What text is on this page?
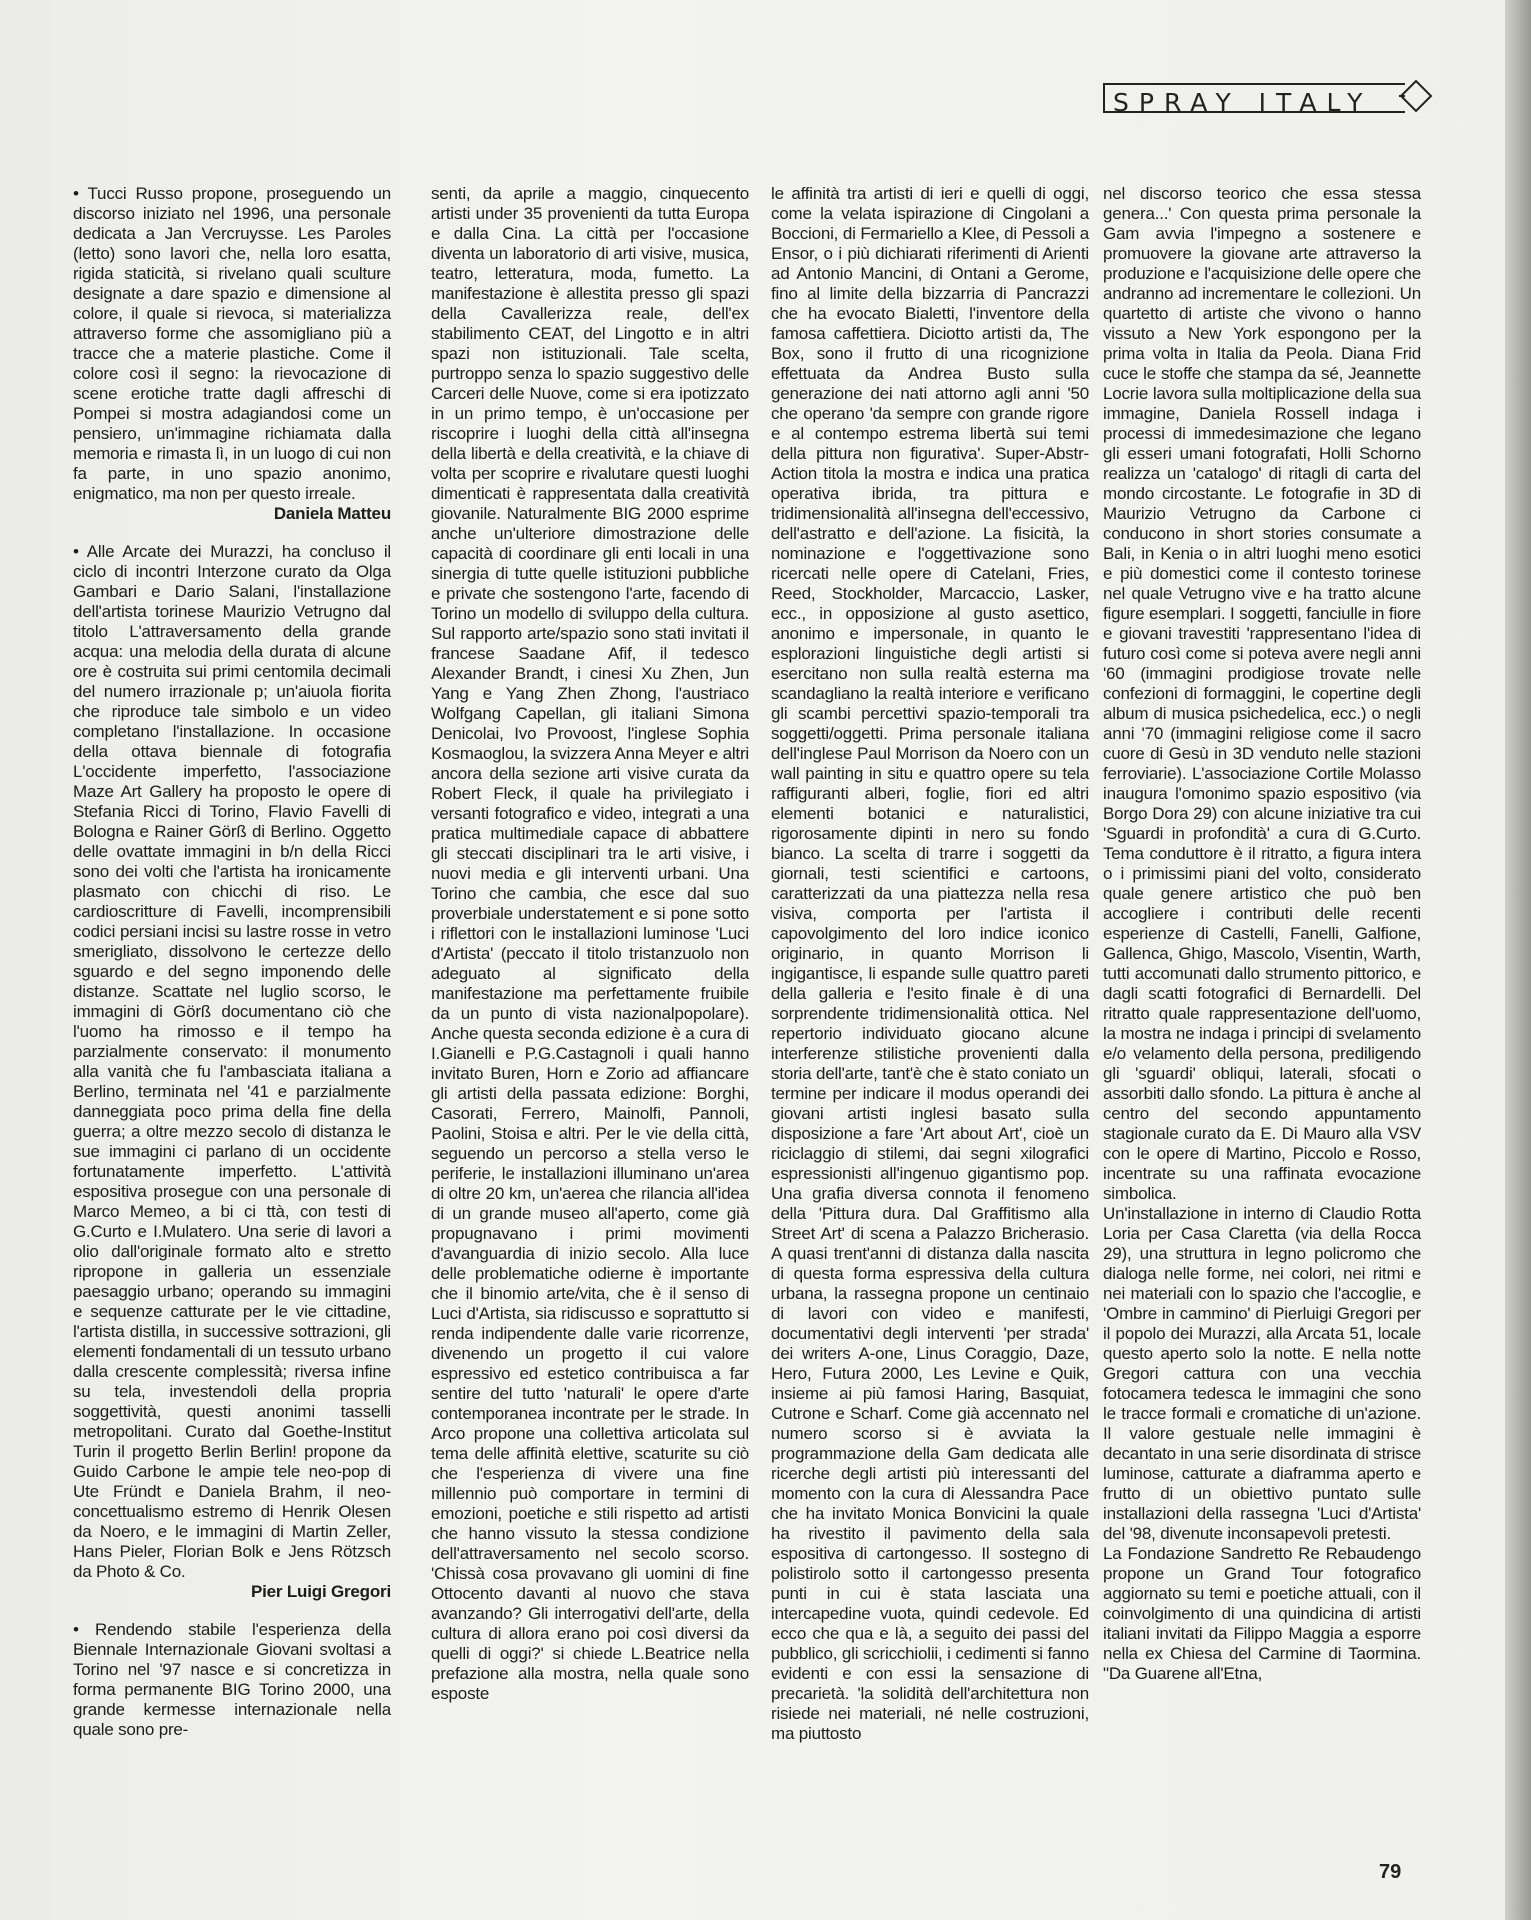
SPRAY ITALY

• Tucci Russo propone, proseguendo un discorso iniziato nel 1996, una personale dedicata a Jan Vercruysse. Les Paroles (letto) sono lavori che, nella loro esatta, rigida staticità, si rivelano quali sculture designate a dare spazio e dimensione al colore, il quale si rievoca, si materializza attraverso forme che assomigliano più a tracce che a materie plastiche. Come il colore così il segno: la rievocazione di scene erotiche tratte dagli affreschi di Pompei si mostra adagiandosi come un pensiero, un'immagine richiamata dalla memoria e rimasta lì, in un luogo di cui non fa parte, in uno spazio anonimo, enigmatico, ma non per questo irreale.

Daniela Matteu

• Alle Arcate dei Murazzi, ha concluso il ciclo di incontri Interzone curato da Olga Gambari e Dario Salani, l'installazione dell'artista torinese Maurizio Vetrugno dal titolo L'attraversamento della grande acqua: una melodia della durata di alcune ore è costruita sui primi centomila decimali del numero irrazionale p; un'aiuola fiorita che riproduce tale simbolo e un video completano l'installazione. In occasione della ottava biennale di fotografia L'occidente imperfetto, l'associazione Maze Art Gallery ha proposto le opere di Stefania Ricci di Torino, Flavio Favelli di Bologna e Rainer Görß di Berlino. Oggetto delle ovattate immagini in b/n della Ricci sono dei volti che l'artista ha ironicamente plasmato con chicchi di riso. Le cardioscritture di Favelli, incomprensibili codici persiani incisi su lastre rosse in vetro smerigliato, dissolvono le certezze dello sguardo e del segno imponendo delle distanze. Scattate nel luglio scorso, le immagini di Görß documentano ciò che l'uomo ha rimosso e il tempo ha parzialmente conservato: il monumento alla vanità che fu l'ambasciata italiana a Berlino, terminata nel '41 e parzialmente danneggiata poco prima della fine della guerra; a oltre mezzo secolo di distanza le sue immagini ci parlano di un occidente fortunatamente imperfetto. L'attività espositiva prosegue con una personale di Marco Memeo, a bi ci ttà, con testi di G.Curto e I.Mulatero. Una serie di lavori a olio dall'originale formato alto e stretto ripropone in galleria un essenziale paesaggio urbano; operando su immagini e sequenze catturate per le vie cittadine, l'artista distilla, in successive sottrazioni, gli elementi fondamentali di un tessuto urbano dalla crescente complessità; riversa infine su tela, investendoli della propria soggettività, questi anonimi tasselli metropolitani. Curato dal Goethe-Institut Turin il progetto Berlin Berlin! propone da Guido Carbone le ampie tele neo-pop di Ute Fründt e Daniela Brahm, il neo-concettualismo estremo di Henrik Olesen da Noero, e le immagini di Martin Zeller, Hans Pieler, Florian Bolk e Jens Rötzsch da Photo & Co.

Pier Luigi Gregori

• Rendendo stabile l'esperienza della Biennale Internazionale Giovani svoltasi a Torino nel '97 nasce e si concretizza in forma permanente BIG Torino 2000, una grande kermesse internazionale nella quale sono pre-

senti, da aprile a maggio, cinquecento artisti under 35 provenienti da tutta Europa e dalla Cina. La città per l'occasione diventa un laboratorio di arti visive, musica, teatro, letteratura, moda, fumetto. La manifestazione è allestita presso gli spazi della Cavallerizza reale, dell'ex stabilimento CEAT, del Lingotto e in altri spazi non istituzionali. Tale scelta, purtroppo senza lo spazio suggestivo delle Carceri delle Nuove, come si era ipotizzato in un primo tempo, è un'occasione per riscoprire i luoghi della città all'insegna della libertà e della creatività, e la chiave di volta per scoprire e rivalutare questi luoghi dimenticati è rappresentata dalla creatività giovanile. Naturalmente BIG 2000 esprime anche un'ulteriore dimostrazione delle capacità di coordinare gli enti locali in una sinergia di tutte quelle istituzioni pubbliche e private che sostengono l'arte, facendo di Torino un modello di sviluppo della cultura. Sul rapporto arte/spazio sono stati invitati il francese Saadane Afif, il tedesco Alexander Brandt, i cinesi Xu Zhen, Jun Yang e Yang Zhen Zhong, l'austriaco Wolfgang Capellan, gli italiani Simona Denicolai, Ivo Provoost, l'inglese Sophia Kosmaoglou, la svizzera Anna Meyer e altri ancora della sezione arti visive curata da Robert Fleck, il quale ha privilegiato i versanti fotografico e video, integrati a una pratica multimediale capace di abbattere gli steccati disciplinari tra le arti visive, i nuovi media e gli interventi urbani. Una Torino che cambia, che esce dal suo proverbiale understatement e si pone sotto i riflettori con le installazioni luminose 'Luci d'Artista' (peccato il titolo tristanzuolo non adeguato al significato della manifestazione ma perfettamente fruibile da un punto di vista nazionalpopolare). Anche questa seconda edizione è a cura di I.Gianelli e P.G.Castagnoli i quali hanno invitato Buren, Horn e Zorio ad affiancare gli artisti della passata edizione: Borghi, Casorati, Ferrero, Mainolfi, Pannoli, Paolini, Stoisa e altri. Per le vie della città, seguendo un percorso a stella verso le periferie, le installazioni illuminano un'area di oltre 20 km, un'aerea che rilancia all'idea di un grande museo all'aperto, come già propugnavano i primi movimenti d'avanguardia di inizio secolo. Alla luce delle problematiche odierne è importante che il binomio arte/vita, che è il senso di Luci d'Artista, sia ridiscusso e soprattutto si renda indipendente dalle varie ricorrenze, divenendo un progetto il cui valore espressivo ed estetico contribuisca a far sentire del tutto 'naturali' le opere d'arte contemporanea incontrate per le strade. In Arco propone una collettiva articolata sul tema delle affinità elettive, scaturite su ciò che l'esperienza di vivere una fine millennio può comportare in termini di emozioni, poetiche e stili rispetto ad artisti che hanno vissuto la stessa condizione dell'attraversamento nel secolo scorso. 'Chissà cosa provavano gli uomini di fine Ottocento davanti al nuovo che stava avanzando? Gli interrogativi dell'arte, della cultura di allora erano poi così diversi da quelli di oggi?' si chiede L.Beatrice nella prefazione alla mostra, nella quale sono esposte

le affinità tra artisti di ieri e quelli di oggi, come la velata ispirazione di Cingolani a Boccioni, di Fermariello a Klee, di Pessoli a Ensor, o i più dichiarati riferimenti di Arienti ad Antonio Mancini, di Ontani a Gerome, fino al limite della bizzarria di Pancrazzi che ha evocato Bialetti, l'inventore della famosa caffettiera. Diciotto artisti da, The Box, sono il frutto di una ricognizione effettuata da Andrea Busto sulla generazione dei nati attorno agli anni '50 che operano 'da sempre con grande rigore e al contempo estrema libertà sui temi della pittura non figurativa'. Super-Abstr-Action titola la mostra e indica una pratica operativa ibrida, tra pittura e tridimensionalità all'insegna dell'eccessivo, dell'astratto e dell'azione. La fisicità, la nominazione e l'oggettivazione sono ricercati nelle opere di Catelani, Fries, Reed, Stockholder, Marcaccio, Lasker, ecc., in opposizione al gusto asettico, anonimo e impersonale, in quanto le esplorazioni linguistiche degli artisti si esercitano non sulla realtà esterna ma scandagliano la realtà interiore e verificano gli scambi percettivi spazio-temporali tra soggetti/oggetti. Prima personale italiana dell'inglese Paul Morrison da Noero con un wall painting in situ e quattro opere su tela raffiguranti alberi, foglie, fiori ed altri elementi botanici e naturalistici, rigorosamente dipinti in nero su fondo bianco. La scelta di trarre i soggetti da giornali, testi scientifici e cartoons, caratterizzati da una piattezza nella resa visiva, comporta per l'artista il capovolgimento del loro indice iconico originario, in quanto Morrison li ingigantisce, li espande sulle quattro pareti della galleria e l'esito finale è di una sorprendente tridimensionalità ottica. Nel repertorio individuato giocano alcune interferenze stilistiche provenienti dalla storia dell'arte, tant'è che è stato coniato un termine per indicare il modus operandi dei giovani artisti inglesi basato sulla disposizione a fare 'Art about Art', cioè un riciclaggio di stilemi, dai segni xilografici espressionisti all'ingenuo gigantismo pop. Una grafia diversa connota il fenomeno della 'Pittura dura. Dal Graffitismo alla Street Art' di scena a Palazzo Bricherasio. A quasi trent'anni di distanza dalla nascita di questa forma espressiva della cultura urbana, la rassegna propone un centinaio di lavori con video e manifesti, documentativi degli interventi 'per strada' dei writers A-one, Linus Coraggio, Daze, Hero, Futura 2000, Les Levine e Quik, insieme ai più famosi Haring, Basquiat, Cutrone e Scharf. Come già accennato nel numero scorso si è avviata la programmazione della Gam dedicata alle ricerche degli artisti più interessanti del momento con la cura di Alessandra Pace che ha invitato Monica Bonvicini la quale ha rivestito il pavimento della sala espositiva di cartongesso. Il sostegno di polistirolo sotto il cartongesso presenta punti in cui è stata lasciata una intercapedine vuota, quindi cedevole. Ed ecco che qua e là, a seguito dei passi del pubblico, gli scricchiolii, i cedimenti si fanno evidenti e con essi la sensazione di precarietà. 'la solidità dell'architettura non risiede nei materiali, né nelle costruzioni, ma piuttosto

nel discorso teorico che essa stessa genera...' Con questa prima personale la Gam avvia l'impegno a sostenere e promuovere la giovane arte attraverso la produzione e l'acquisizione delle opere che andranno ad incrementare le collezioni. Un quartetto di artiste che vivono o hanno vissuto a New York espongono per la prima volta in Italia da Peola. Diana Frid cuce le stoffe che stampa da sé, Jeannette Locrie lavora sulla moltiplicazione della sua immagine, Daniela Rossell indaga i processi di immedesimazione che legano gli esseri umani fotografati, Holli Schorno realizza un 'catalogo' di ritagli di carta del mondo circostante. Le fotografie in 3D di Maurizio Vetrugno da Carbone ci conducono in short stories consumate a Bali, in Kenia o in altri luoghi meno esotici e più domestici come il contesto torinese nel quale Vetrugno vive e ha tratto alcune figure esemplari. I soggetti, fanciulle in fiore e giovani travestiti 'rappresentano l'idea di futuro così come si poteva avere negli anni '60 (immagini prodigiose trovate nelle confezioni di formaggini, le copertine degli album di musica psichedelica, ecc.) o negli anni '70 (immagini religiose come il sacro cuore di Gesù in 3D venduto nelle stazioni ferroviarie). L'associazione Cortile Molasso inaugura l'omonimo spazio espositivo (via Borgo Dora 29) con alcune iniziative tra cui 'Sguardi in profondità' a cura di G.Curto. Tema conduttore è il ritratto, a figura intera o i primissimi piani del volto, considerato quale genere artistico che può ben accogliere i contributi delle recenti esperienze di Castelli, Fanelli, Galfione, Gallenca, Ghigo, Mascolo, Visentin, Warth, tutti accomunati dallo strumento pittorico, e dagli scatti fotografici di Bernardelli. Del ritratto quale rappresentazione dell'uomo, la mostra ne indaga i principi di svelamento e/o velamento della persona, prediligendo gli 'sguardi' obliqui, laterali, sfocati o assorbiti dallo sfondo. La pittura è anche al centro del secondo appuntamento stagionale curato da E. Di Mauro alla VSV con le opere di Martino, Piccolo e Rosso, incentrate su una raffinata evocazione simbolica.

Un'installazione in interno di Claudio Rotta Loria per Casa Claretta (via della Rocca 29), una struttura in legno policromo che dialoga nelle forme, nei colori, nei ritmi e nei materiali con lo spazio che l'accoglie, e 'Ombre in cammino' di Pierluigi Gregori per il popolo dei Murazzi, alla Arcata 51, locale questo aperto solo la notte. E nella notte Gregori cattura con una vecchia fotocamera tedesca le immagini che sono le tracce formali e cromatiche di un'azione. Il valore gestuale nelle immagini è decantato in una serie disordinata di strisce luminose, catturate a diaframma aperto e frutto di un obiettivo puntato sulle installazioni della rassegna 'Luci d'Artista' del '98, divenute inconsapevoli pretesti.

La Fondazione Sandretto Re Rebaudengo propone un Grand Tour fotografico aggiornato su temi e poetiche attuali, con il coinvolgimento di una quindicina di artisti italiani invitati da Filippo Maggia a esporre nella ex Chiesa del Carmine di Taormina. "Da Guarene all'Etna,

79
